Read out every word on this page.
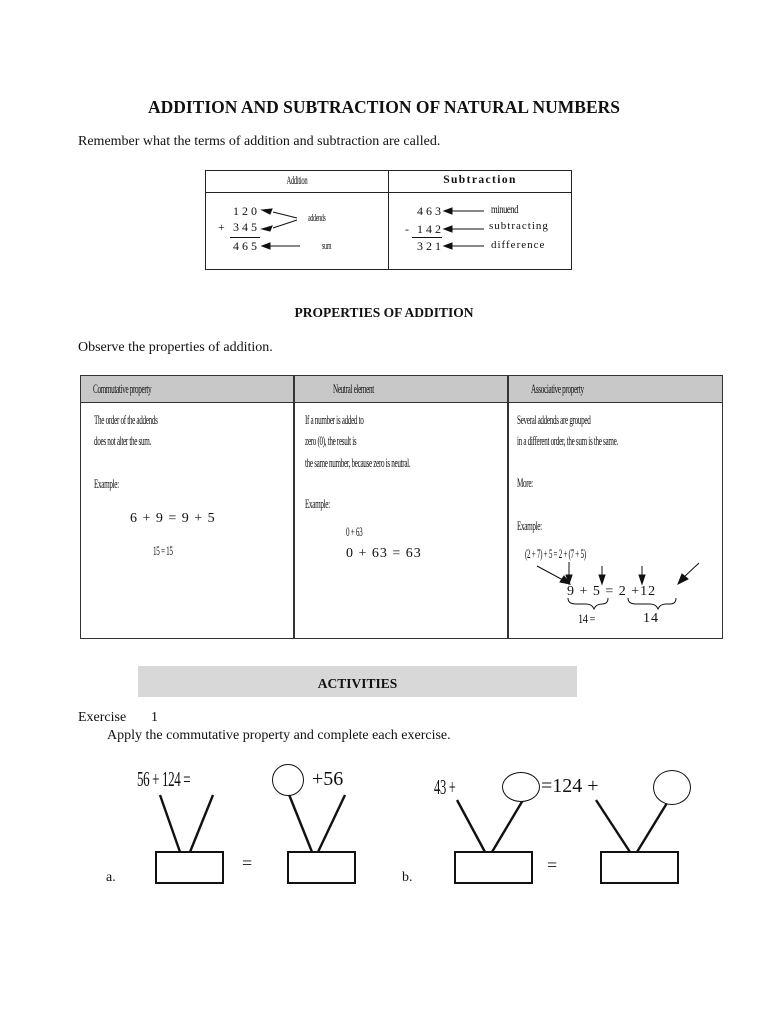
ADDITION AND SUBTRACTION OF NATURAL NUMBERS
Remember what the terms of addition and subtraction are called.
Addition	Subtraction
120
+ 345
465
addends
sum
463
- 142
321
minuend
subtracting
difference
PROPERTIES OF ADDITION
Observe the properties of addition.
Commutative property	Neutral element	Associative property
The order of the addends
does not alter the sum.
Example:
6 + 9 = 9 + 5
15 = 15
If a number is added to
zero (0), the result is
the same number, because zero is neutral.
Example:
0 + 63
0 + 63 = 63
Several addends are grouped
in a different order, the sum is the same.
More:
Example:
(2 + 7) + 5 = 2 + (7 + 5)
9 + 5 = 2 +12
14 =	14
ACTIVITIES
Exercise 1
Apply the commutative property and complete each exercise.
56 + 124 =	+56
=
a.
43 +	=124 +
=
b.
